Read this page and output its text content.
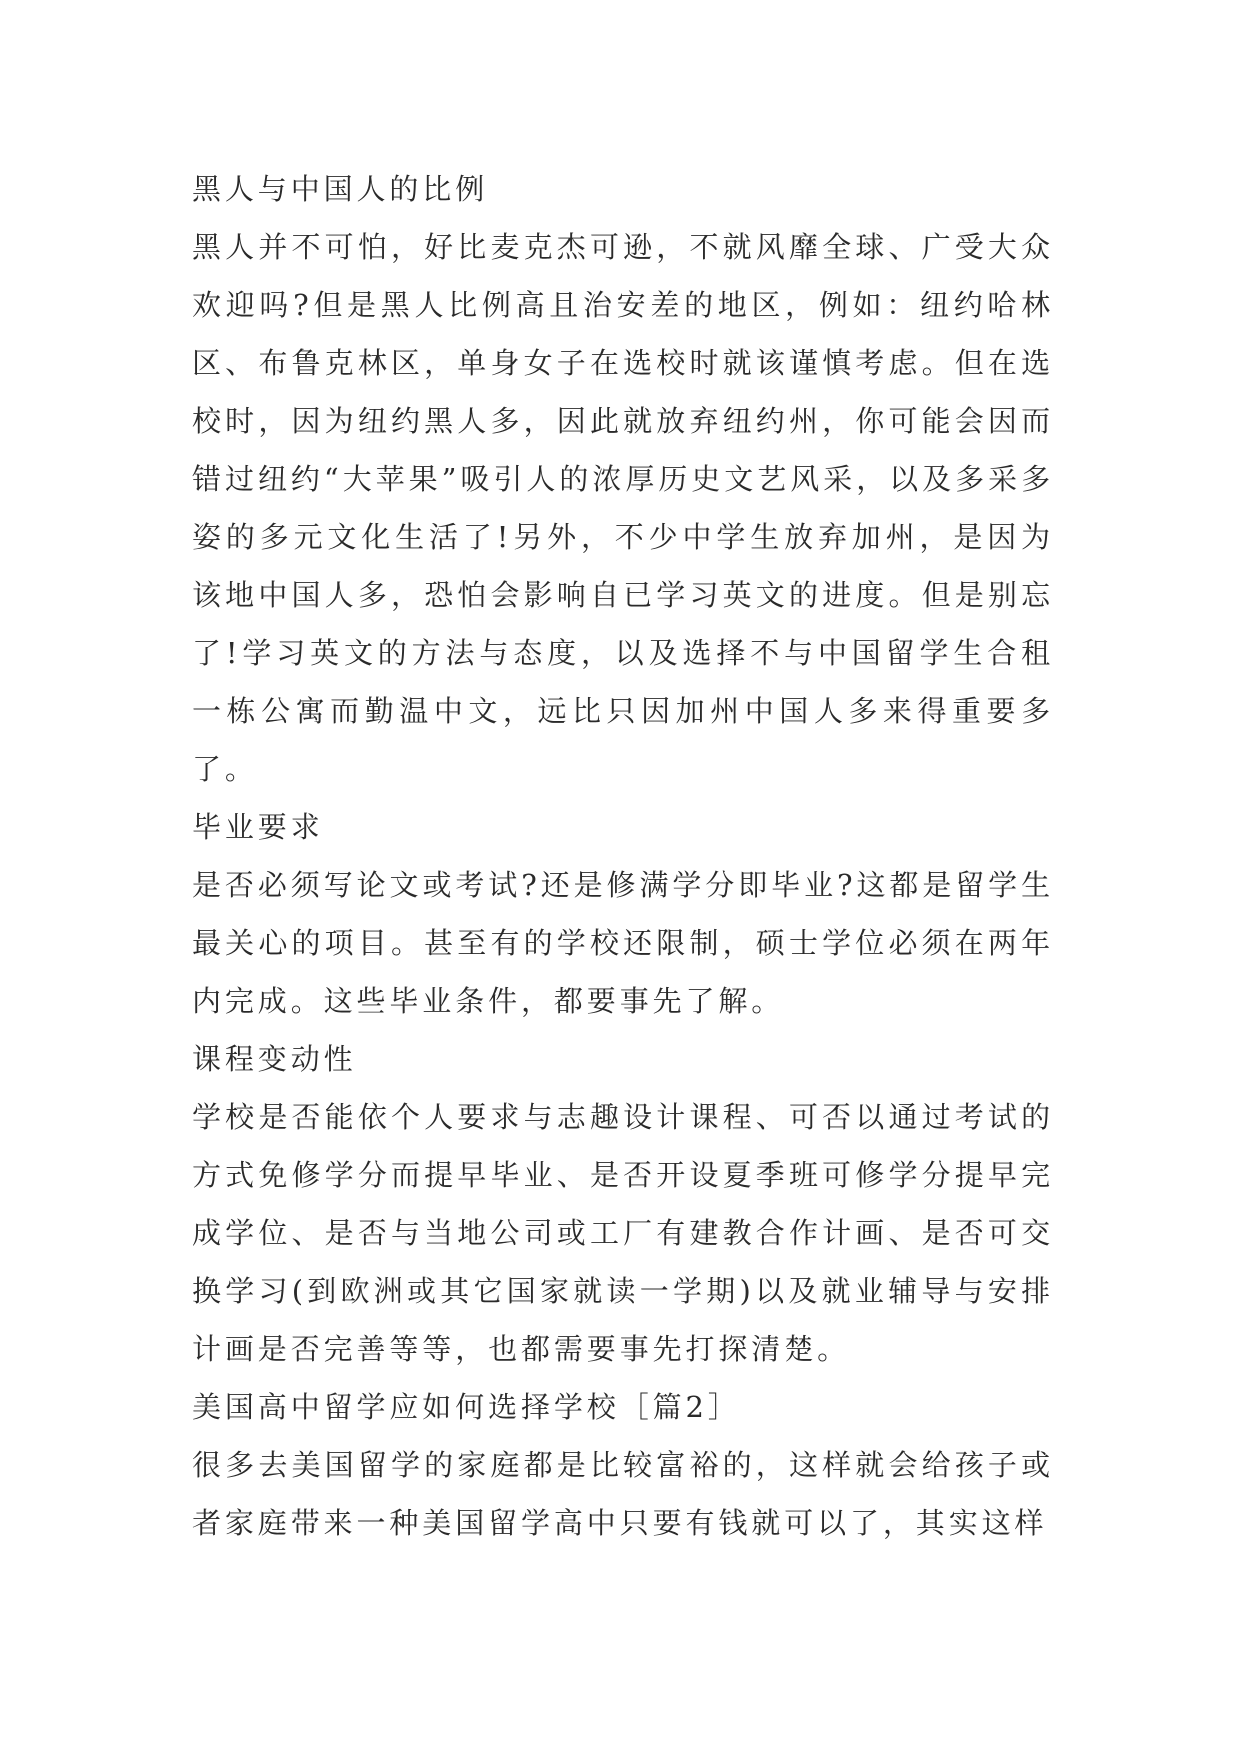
黑人与中国人的比例

黑人并不可怕，好比麦克杰可逊，不就风靡全球、广受大众欢迎吗?但是黑人比例高且治安差的地区，例如：纽约哈林区、布鲁克林区，单身女子在选校时就该谨慎考虑。但在选校时，因为纽约黑人多，因此就放弃纽约州，你可能会因而错过纽约“大苹果”吸引人的浓厚历史文艺风采，以及多采多姿的多元文化生活了!另外，不少中学生放弃加州，是因为该地中国人多，恐怕会影响自已学习英文的进度。但是别忘了!学习英文的方法与态度，以及选择不与中国留学生合租一栋公寓而勤温中文，远比只因加州中国人多来得重要多了。

毕业要求

是否必须写论文或考试?还是修满学分即毕业?这都是留学生最关心的项目。甚至有的学校还限制，硕士学位必须在两年内完成。这些毕业条件，都要事先了解。

课程变动性

学校是否能依个人要求与志趣设计课程、可否以通过考试的方式免修学分而提早毕业、是否开设夏季班可修学分提早完成学位、是否与当地公司或工厂有建教合作计画、是否可交换学习(到欧洲或其它国家就读一学期)以及就业辅导与安排计画是否完善等等，也都需要事先打探清楚。

美国高中留学应如何选择学校［篇2］

很多去美国留学的家庭都是比较富裕的，这样就会给孩子或者家庭带来一种美国留学高中只要有钱就可以了，其实这样
